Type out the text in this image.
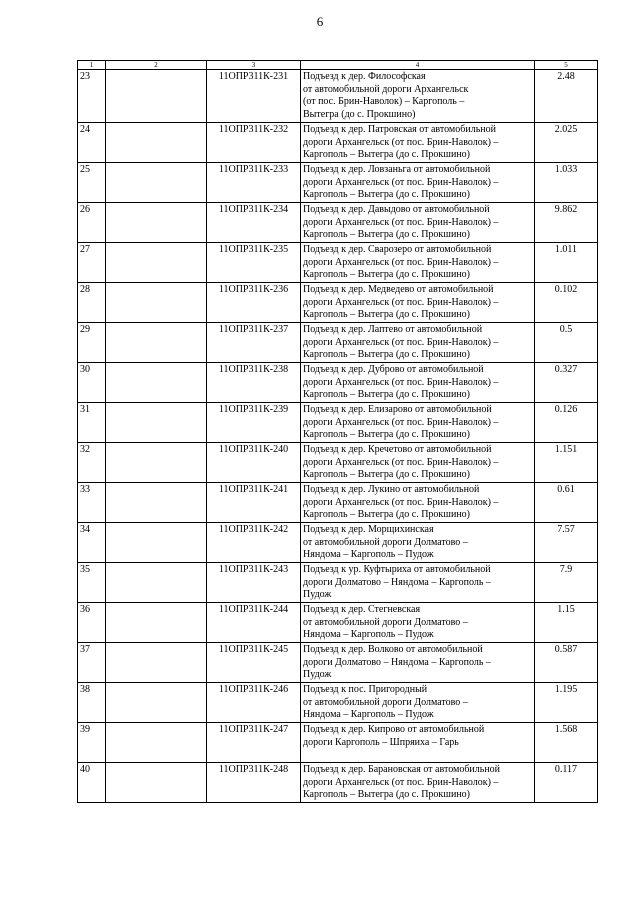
6
1	2	3	4	5
23		11ОПР311К-231	Подъезд к дер. Философская
от автомобильной дороги Архангельск
(от пос. Брин-Наволок) – Каргополь –
Вытегра (до с. Прокшино)	2.48
24		11ОПР311К-232	Подъезд к дер. Патровская от автомобильной
дороги Архангельск (от пос. Брин-Наволок) –
Каргополь – Вытегра (до с. Прокшино)	2.025
25		11ОПР311К-233	Подъезд к дер. Ловзаньга от автомобильной
дороги Архангельск (от пос. Брин-Наволок) –
Каргополь – Вытегра (до с. Прокшино)	1.033
26		11ОПР311К-234	Подъезд к дер. Давыдово от автомобильной
дороги Архангельск (от пос. Брин-Наволок) –
Каргополь – Вытегра (до с. Прокшино)	9.862
27		11ОПР311К-235	Подъезд к дер. Сварозеро от автомобильной
дороги Архангельск (от пос. Брин-Наволок) –
Каргополь – Вытегра (до с. Прокшино)	1.011
28		11ОПР311К-236	Подъезд к дер. Медведево от автомобильной
дороги Архангельск (от пос. Брин-Наволок) –
Каргополь – Вытегра (до с. Прокшино)	0.102
29		11ОПР311К-237	Подъезд к дер. Лаптево от автомобильной
дороги Архангельск (от пос. Брин-Наволок) –
Каргополь – Вытегра (до с. Прокшино)	0.5
30		11ОПР311К-238	Подъезд к дер. Дуброво от автомобильной
дороги Архангельск (от пос. Брин-Наволок) –
Каргополь – Вытегра (до с. Прокшино)	0.327
31		11ОПР311К-239	Подъезд к дер. Елизарово от автомобильной
дороги Архангельск (от пос. Брин-Наволок) –
Каргополь – Вытегра (до с. Прокшино)	0.126
32		11ОПР311К-240	Подъезд к дер. Кречетово от автомобильной
дороги Архангельск (от пос. Брин-Наволок) –
Каргополь – Вытегра (до с. Прокшино)	1.151
33		11ОПР311К-241	Подъезд к дер. Лукино от автомобильной
дороги Архангельск (от пос. Брин-Наволок) –
Каргополь – Вытегра (до с. Прокшино)	0.61
34		11ОПР311К-242	Подъезд к дер. Морщихинская
от автомобильной дороги Долматово –
Няндома – Каргополь – Пудож	7.57
35		11ОПР311К-243	Подъезд к ур. Куфтыриха от автомобильной
дороги Долматово – Няндома – Каргополь –
Пудож	7.9
36		11ОПР311К-244	Подъезд к дер. Стегневская
от автомобильной дороги Долматово –
Няндома – Каргополь – Пудож	1.15
37		11ОПР311К-245	Подъезд к дер. Волково от автомобильной
дороги Долматово – Няндома – Каргополь –
Пудож	0.587
38		11ОПР311К-246	Подъезд к пос. Пригородный
от автомобильной дороги Долматово –
Няндома – Каргополь – Пудож	1.195
39		11ОПР311К-247	Подъезд к дер. Кипрово от автомобильной
дороги Каргополь – Шпряиха – Гарь	1.568
40		11ОПР311К-248	Подъезд к дер. Барановская от автомобильной
дороги Архангельск (от пос. Брин-Наволок) –
Каргополь – Вытегра (до с. Прокшино)	0.117
